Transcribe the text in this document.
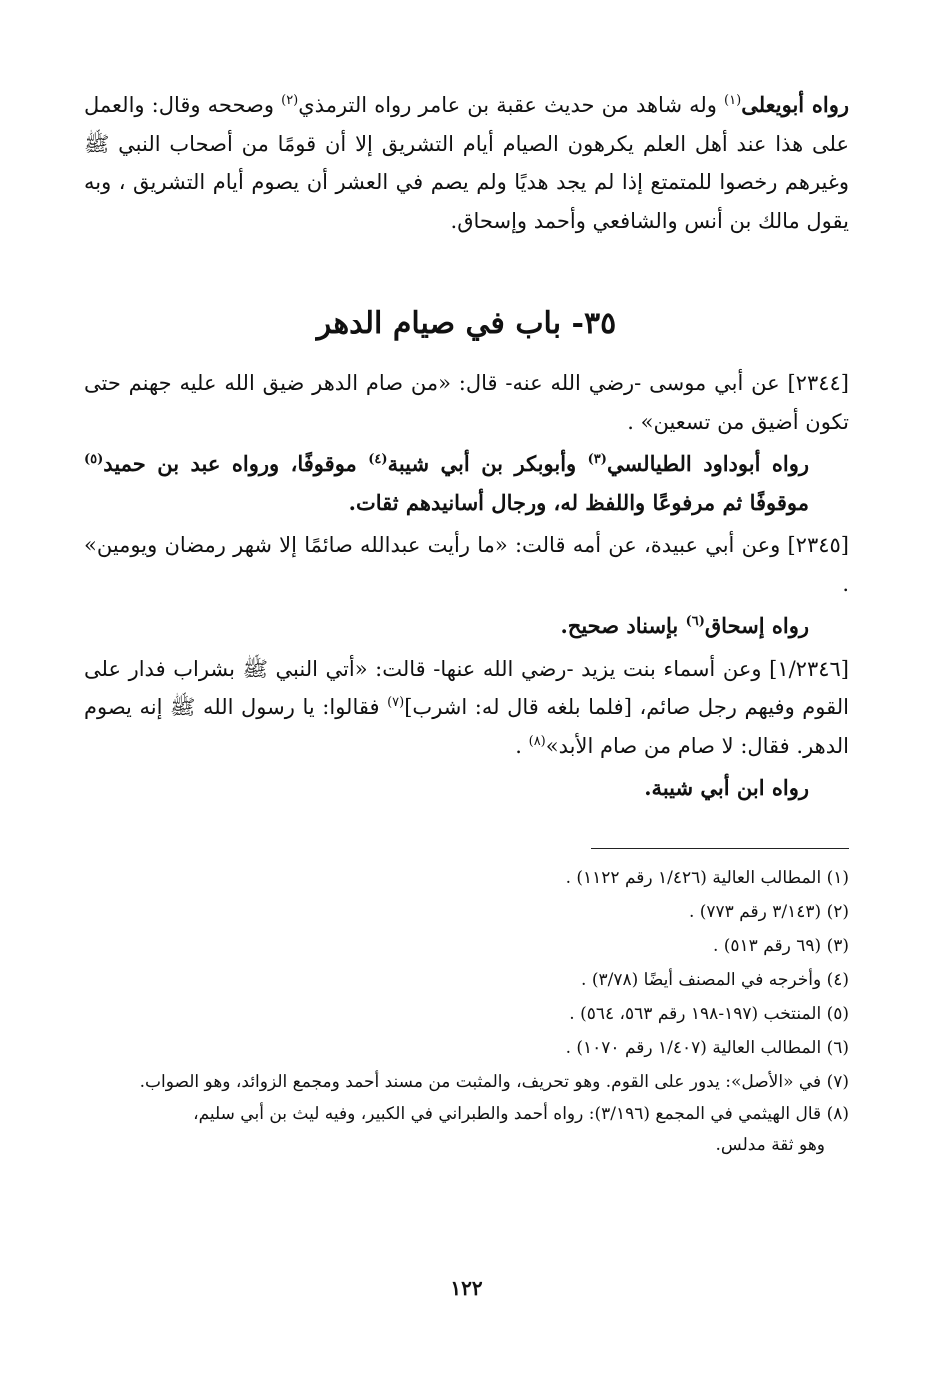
رواه أبويعلى$^{(١)}$ وله شاهد من حديث عقبة بن عامر رواه الترمذي$^{(٢)}$ وصححه وقال: والعمل على هذا عند أهل العلم يكرهون الصيام أيام التشريق إلا أن قومًا من أصحاب النبي ﷺ وغيرهم رخصوا للمتمتع إذا لم يجد هديًا ولم يصم في العشر أن يصوم أيام التشريق ، وبه يقول مالك بن أنس والشافعي وأحمد وإسحاق.

٣٥- باب في صيام الدهر

[٢٣٤٤] عن أبي موسى -رضي الله عنه- قال: «من صام الدهر ضيق الله عليه جهنم حتى تكون أضيق من تسعين» .

رواه أبوداود الطيالسي$^{(٣)}$ وأبوبكر بن أبي شيبة$^{(٤)}$ موقوفًا، ورواه عبد بن حميد$^{(٥)}$ موقوفًا ثم مرفوعًا واللفظ له، ورجال أسانيدهم ثقات.

[٢٣٤٥] وعن أبي عبيدة، عن أمه قالت: «ما رأيت عبدالله صائمًا إلا شهر رمضان ويومين» .

رواه إسحاق$^{(٦)}$ بإسناد صحيح.

[١/٢٣٤٦] وعن أسماء بنت يزيد -رضي الله عنها- قالت: «أتي النبي ﷺ بشراب فدار على القوم وفيهم رجل صائم، [فلما بلغه قال له: اشرب]$^{(٧)}$ فقالوا: يا رسول الله ﷺ إنه يصوم الدهر. فقال: لا صام من صام الأبد»$^{(٨)}$ .

رواه ابن أبي شيبة.

(١) المطالب العالية (١/٤٢٦ رقم ١١٢٢) .
(٢) (٣/١٤٣ رقم ٧٧٣) .
(٣) (٦٩ رقم ٥١٣) .
(٤) وأخرجه في المصنف أيضًا (٣/٧٨) .
(٥) المنتخب (١٩٧-١٩٨ رقم ٥٦٣، ٥٦٤) .
(٦) المطالب العالية (١/٤٠٧ رقم ١٠٧٠) .
(٧) في «الأصل»: يدور على القوم. وهو تحريف، والمثبت من مسند أحمد ومجمع الزوائد، وهو الصواب.
(٨) قال الهيثمي في المجمع (٣/١٩٦): رواه أحمد والطبراني في الكبير، وفيه ليث بن أبي سليم،
وهو ثقة مدلس.
١٢٢
